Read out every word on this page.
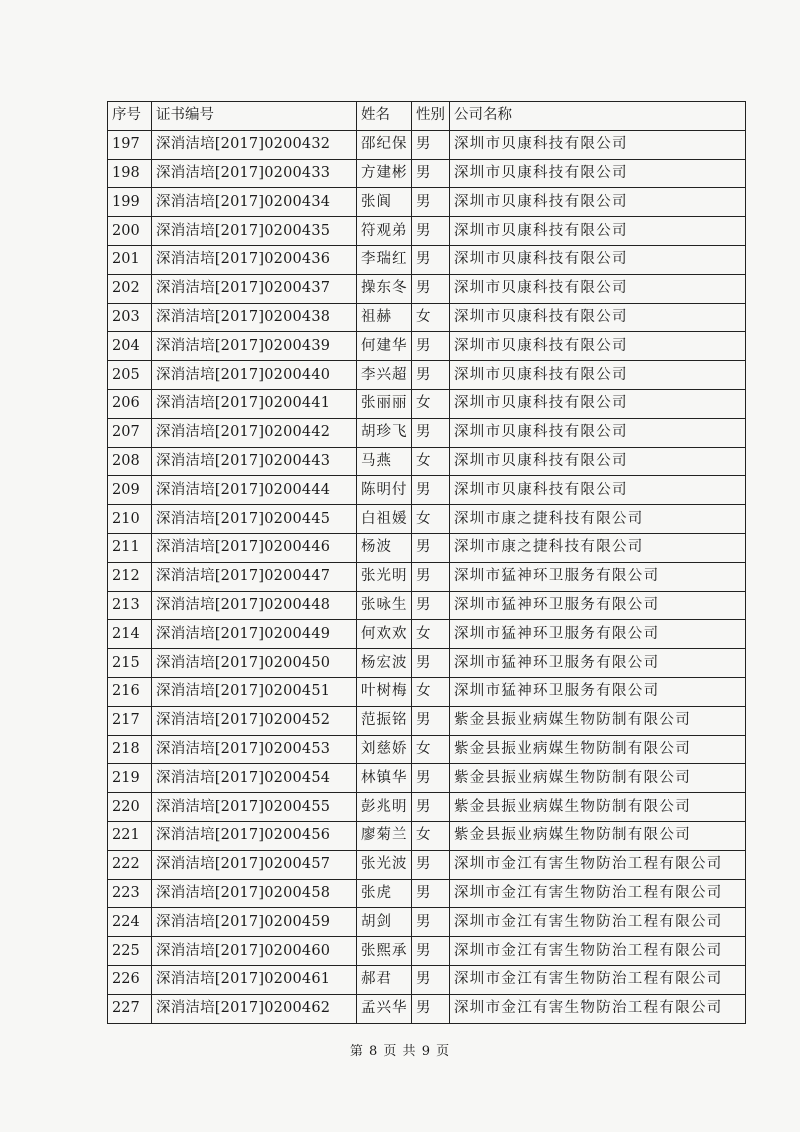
序号	证书编号	姓名	性别	公司名称
197	深消洁培[2017]0200432	邵纪保	男	深圳市贝康科技有限公司
198	深消洁培[2017]0200433	方建彬	男	深圳市贝康科技有限公司
199	深消洁培[2017]0200434	张阆	男	深圳市贝康科技有限公司
200	深消洁培[2017]0200435	符观弟	男	深圳市贝康科技有限公司
201	深消洁培[2017]0200436	李瑞红	男	深圳市贝康科技有限公司
202	深消洁培[2017]0200437	操东冬	男	深圳市贝康科技有限公司
203	深消洁培[2017]0200438	祖赫	女	深圳市贝康科技有限公司
204	深消洁培[2017]0200439	何建华	男	深圳市贝康科技有限公司
205	深消洁培[2017]0200440	李兴超	男	深圳市贝康科技有限公司
206	深消洁培[2017]0200441	张丽丽	女	深圳市贝康科技有限公司
207	深消洁培[2017]0200442	胡珍飞	男	深圳市贝康科技有限公司
208	深消洁培[2017]0200443	马燕	女	深圳市贝康科技有限公司
209	深消洁培[2017]0200444	陈明付	男	深圳市贝康科技有限公司
210	深消洁培[2017]0200445	白祖媛	女	深圳市康之捷科技有限公司
211	深消洁培[2017]0200446	杨波	男	深圳市康之捷科技有限公司
212	深消洁培[2017]0200447	张光明	男	深圳市猛神环卫服务有限公司
213	深消洁培[2017]0200448	张咏生	男	深圳市猛神环卫服务有限公司
214	深消洁培[2017]0200449	何欢欢	女	深圳市猛神环卫服务有限公司
215	深消洁培[2017]0200450	杨宏波	男	深圳市猛神环卫服务有限公司
216	深消洁培[2017]0200451	叶树梅	女	深圳市猛神环卫服务有限公司
217	深消洁培[2017]0200452	范振铭	男	紫金县振业病媒生物防制有限公司
218	深消洁培[2017]0200453	刘慈娇	女	紫金县振业病媒生物防制有限公司
219	深消洁培[2017]0200454	林镇华	男	紫金县振业病媒生物防制有限公司
220	深消洁培[2017]0200455	彭兆明	男	紫金县振业病媒生物防制有限公司
221	深消洁培[2017]0200456	廖菊兰	女	紫金县振业病媒生物防制有限公司
222	深消洁培[2017]0200457	张光波	男	深圳市金江有害生物防治工程有限公司
223	深消洁培[2017]0200458	张虎	男	深圳市金江有害生物防治工程有限公司
224	深消洁培[2017]0200459	胡剑	男	深圳市金江有害生物防治工程有限公司
225	深消洁培[2017]0200460	张熙承	男	深圳市金江有害生物防治工程有限公司
226	深消洁培[2017]0200461	郝君	男	深圳市金江有害生物防治工程有限公司
227	深消洁培[2017]0200462	孟兴华	男	深圳市金江有害生物防治工程有限公司
第 8 页 共 9 页
